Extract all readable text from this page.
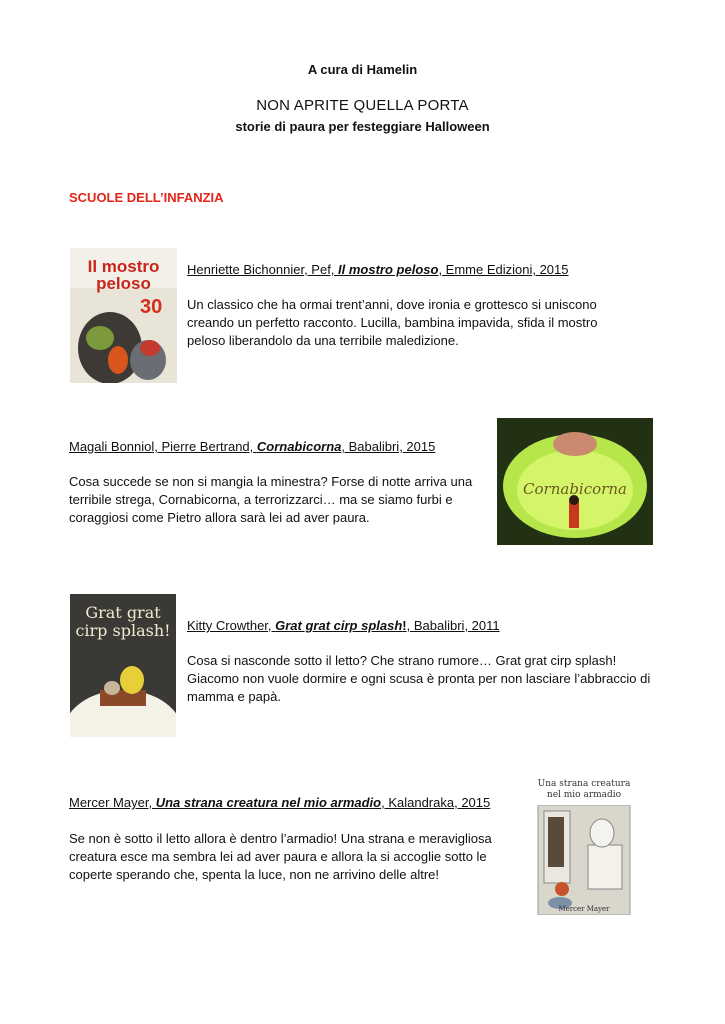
A cura di Hamelin
NON APRITE QUELLA PORTA
storie di paura per festeggiare Halloween
SCUOLE DELL’INFANZIA
Il mostro
peloso
30
Henriette Bichonnier, Pef, Il mostro peloso, Emme Edizioni, 2015
Un classico che ha ormai trent’anni, dove ironia e grottesco si uniscono creando un perfetto racconto. Lucilla, bambina impavida, sfida il mostro peloso liberandolo da una terribile maledizione.
Magali Bonniol, Pierre Bertrand, Cornabicorna, Babalibri, 2015
Cosa succede se non si mangia la minestra? Forse di notte arriva una terribile strega, Cornabicorna, a terrorizzarci… ma se siamo furbi e coraggiosi come Pietro allora sarà lei ad aver paura.
Cornabicorna
Grat grat
cirp splash!	Kitty Crowther, Grat grat cirp splash!, Babalibri, 2011
Cosa si nasconde sotto il letto? Che strano rumore… Grat grat cirp splash! Giacomo non vuole dormire e ogni scusa è pronta per non lasciare l’abbraccio di mamma e papà.
Una strana creatura
nel mio armadio
Mercer Mayer
Mercer Mayer, Una strana creatura nel mio armadio, Kalandraka, 2015
Se non è sotto il letto allora è dentro l’armadio! Una strana e meravigliosa creatura esce ma sembra lei ad aver paura e allora la si accoglie sotto le coperte sperando che, spenta la luce, non ne arrivino delle altre!
